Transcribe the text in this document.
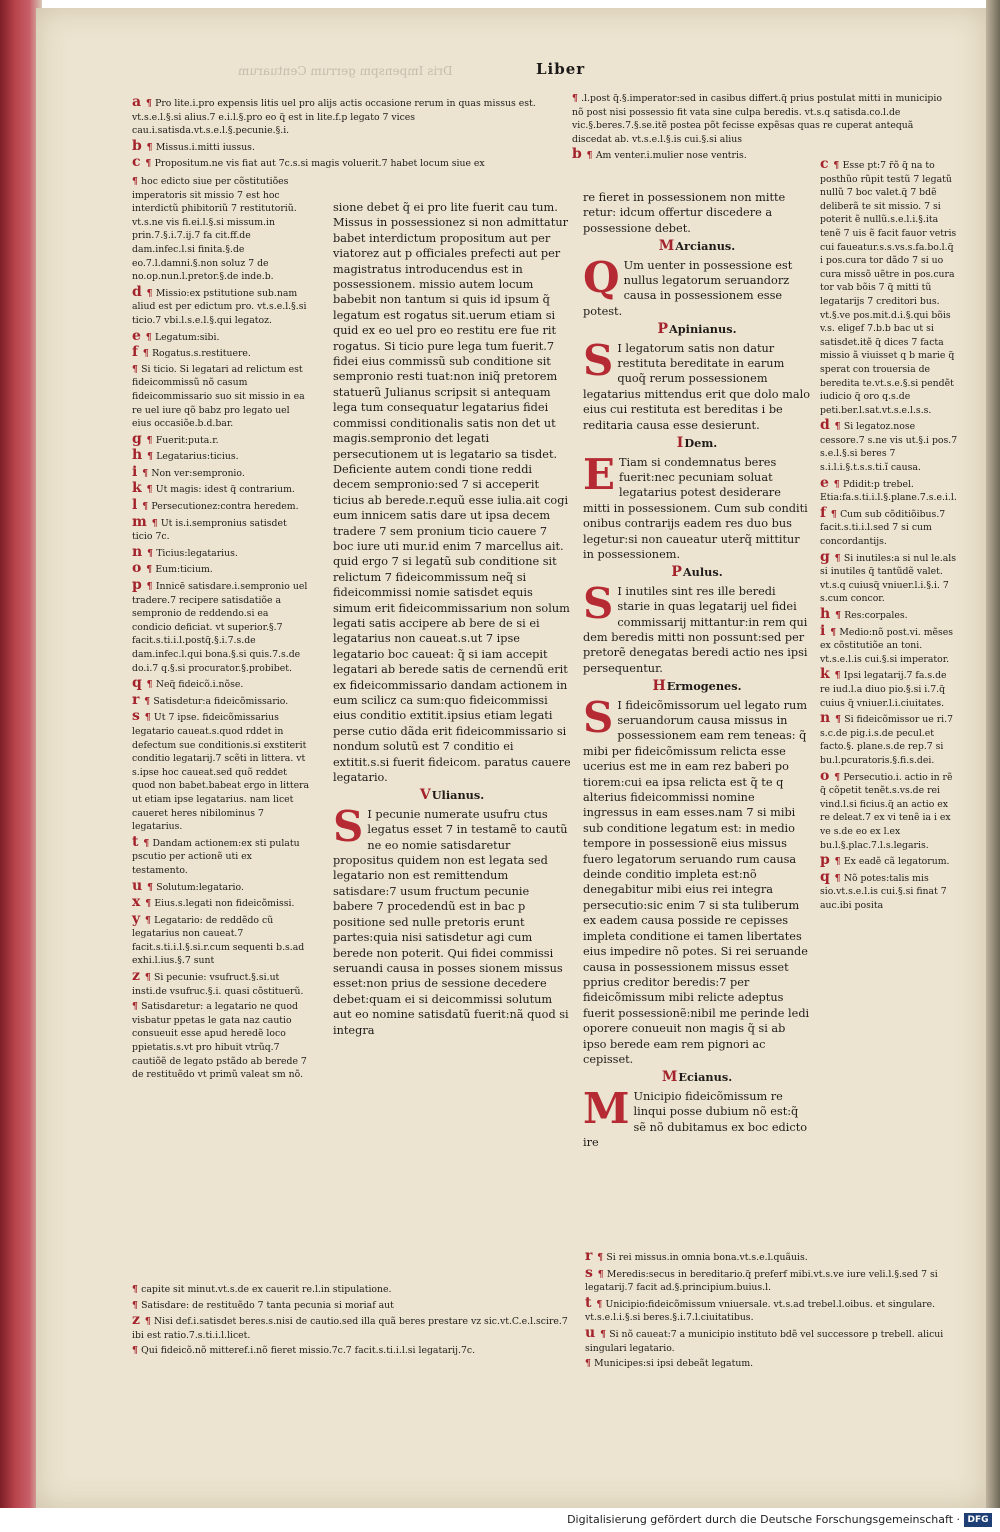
Dris Impenspm gerrum Centuarum	Liber

a ¶ Pro lite.i.pro expensis litis uel pro alijs actis occasione rerum in quas missus est. vt.s.e.l.§.si alius.7 e.i.l.§.pro eo q̃ est in lite.f.p legato 7 vices cau.i.satisda.vt.s.e.l.§.pecunie.§.i.

b ¶ Missus.i.mitti iussus.

c ¶ Propositum.ne vis fiat aut 7c.s.si magis voluerit.7 habet locum siue ex

¶ hoc edicto siue per cõstitutiões imperatoris sit missio 7 est hoc interdictũ phibitoriũ 7 restitutoriũ. vt.s.ne vis fi.ei.l.§.si missum.in prin.7.§.i.7.ij.7 fa cit.ff.de dam.infec.l.si finita.§.de eo.7.l.damni.§.non soluz 7 de no.op.nun.l.pretor.§.de inde.b.

d ¶ Missio:ex pstitutione sub.nam aliud est per edictum pro. vt.s.e.l.§.si ticio.7 vbi.l.s.e.l.§.qui legatoz.

e ¶ Legatum:sibi.

f ¶ Rogatus.s.restituere.

¶ Si ticio. Si legatari ad relictum est fideicommissũ nõ casum fideicommissario suo sit missio in ea re uel iure qõ babz pro legato uel eius occasiõe.b.d.bar.

g ¶ Fuerit:puta.r.

h ¶ Legatarius:ticius.

i ¶ Non ver:sempronio.

k ¶ Ut magis: idest q̃ contrarium.

l ¶ Persecutionez:contra heredem.

m ¶ Ut is.i.sempronius satisdet ticio 7c.

n ¶ Ticius:legatarius.

o ¶ Eum:ticium.

p ¶ Innicē satisdare.i.sempronio uel tradere.7 recipere satisdatiõe a sempronio de reddendo.si ea condicio deficiat. vt superior.§.7 facit.s.ti.i.l.postq̃.§.i.7.s.de dam.infec.l.qui bona.§.si quis.7.s.de do.i.7 q.§.si procurator.§.probibet.

q ¶ Neq̃ fideicõ.i.nõse.

r ¶ Satisdetur:a fideicõmissario.

s ¶ Ut 7 ipse. fideicõmissarius legatario caueat.s.quod rddet in defectum sue conditionis.si exstiterit conditio legatarij.7 scẽti in littera. vt s.ipse hoc caueat.sed quõ reddet quod non babet.babeat ergo in littera ut etiam ipse legatarius. nam licet caueret heres nibilominus 7 legatarius.

t ¶ Dandam actionem:ex sti pulatu pscutio per actionẽ uti ex testamento.

u ¶ Solutum:legatario.

x ¶ Eius.s.legati non fideicõmissi.

y ¶ Legatario: de reddẽdo cũ legatarius non caueat.7 facit.s.ti.i.l.§.si.r.cum sequenti b.s.ad exhi.l.ius.§.7 sunt

z ¶ Si pecunie: vsufruct.§.si.ut insti.de vsufruc.§.i. quasi cõstituerũ.

¶ Satisdaretur: a legatario ne quod visbatur ppetas le gata naz cautio consueuit esse apud heredẽ loco ppietatis.s.vt pro hibuit vtrũq.7 cautiõẽ de legato pstãdo ab berede 7 de restituẽdo vt primũ valeat sm nõ.

sione debet q̃ ei pro lite fuerit cau tum. Missus in possessionez si non admittatur babet interdictum propositum aut per viatorez aut p officiales prefecti aut per magistratus introducendus est in possessionem. missio autem locum babebit non tantum si quis id ipsum q̃ legatum est rogatus sit.uerum etiam si quid ex eo uel pro eo restitu ere fue rit rogatus. Si ticio pure lega tum fuerit.7 fidei eius commissũ sub conditione sit sempronio resti tuat:non iniq̃ pretorem statuerũ Julianus scripsit si antequam lega tum consequatur legatarius fidei commissi conditionalis satis non det ut magis.sempronio det legati persecutionem ut is legatario sa tisdet. Deficiente autem condi tione reddi decem sempronio:sed 7 si acceperit ticius ab berede.r.equũ esse iulia.ait cogi eum innicem satis dare ut ipsa decem tradere 7 sem pronium ticio cauere 7 boc iure uti mur.id enim 7 marcellus ait. quid ergo 7 si legatũ sub conditione sit relictum 7 fideicommissum neq̃ si fideicommissi nomie satisdet equis simum erit fideicommissarium non solum legati satis accipere ab bere de si ei legatarius non caueat.s.ut 7 ipse legatario boc caueat: q̃ si iam accepit legatari ab berede satis de cernendũ erit ex fideicommissario dandam actionem in eum scilicz ca sum:quo fideicommissi eius conditio extitit.ipsius etiam legati perse cutio dãda erit fideicommissario si nondum solutũ est 7 conditio ei extitit.s.si fuerit fideicom. paratus cauere legatario.

VUlianus.

S I pecunie numerate usufru ctus legatus esset 7 in testamẽ to cautũ ne eo nomie satisdaretur propositus quidem non est legata sed legatario non est remittendum satisdare:7 usum fructum pecunie babere 7 procedendũ est in bac p positione sed nulle pretoris erunt partes:quia nisi satisdetur agi cum berede non poterit. Qui fidei commissi seruandi causa in posses sionem missus esset:non prius de sessione decedere debet:quam ei si deicommissi solutum aut eo nomine satisdatũ fuerit:nã quod si integra

¶ .l.post q̃.§.imperator:sed in casibus differt.q̃ prius postulat mitti in municipio nõ post nisi possessio fit vata sine culpa beredis. vt.s.q satisda.co.l.de vic.§.beres.7.§.se.itẽ postea põt fecisse expẽsas quas re cuperat antequã discedat ab. vt.s.e.l.§.is cui.§.si alius

b ¶ Am venter.i.mulier nose ventris.

re fieret in possessionem non mitte retur: idcum offertur discedere a possessione debet.

MArcianus.

Q Um uenter in possessione est nullus legatorum seruandorz causa in possessionem esse potest.

PApinianus.

S I legatorum satis non datur restituta bereditate in earum quoq̃ rerum possessionem legatarius mittendus erit que dolo malo eius cui restituta est bereditas i be reditaria causa esse desierunt.

IDem.

E Tiam si condemnatus beres fuerit:nec pecuniam soluat legatarius potest desiderare mitti in possessionem. Cum sub conditi onibus contrarijs eadem res duo bus legetur:si non caueatur uterq̃ mittitur in possessionem.

PAulus.

S I inutiles sint res ille beredi starie in quas legatarij uel fidei commissarij mittantur:in rem qui dem beredis mitti non possunt:sed per pretorẽ denegatas beredi actio nes ipsi persequentur.

HErmogenes.

S I fideicõmissorum uel legato rum seruandorum causa missus in possessionem eam rem teneas: q̃ mibi per fideicõmissum relicta esse ucerius est me in eam rez baberi po tiorem:cui ea ipsa relicta est q̃ te q alterius fideicommissi nomine ingressus in eam esses.nam 7 si mibi sub conditione legatum est: in medio tempore in possessionẽ eius missus fuero legatorum seruando rum causa deinde conditio impleta est:nõ denegabitur mibi eius rei integra persecutio:sic enim 7 si sta tuliberum ex eadem causa posside re cepisses impleta conditione ei tamen libertates eius impedire nõ potes. Si rei seruande causa in possessionem missus esset pprius creditor beredis:7 per fideicõmissum mibi relicte adeptus fuerit possessionẽ:nibil me perinde ledi oporere conueuit non magis q̃ si ab ipso berede eam rem pignori ac cepisset.

MEcianus.

M Unicipio fideicõmissum re linqui posse dubium nõ est:q̃ sẽ nõ dubitamus ex boc edicto ire

c ¶ Esse pt:7 r̃õ q̃ na to posthũo rũpit testũ 7 legatũ nullũ 7 boc valet.q̃ 7 bdẽ deliberã te sit missio. 7 si poterit ẽ nullũ.s.e.l.i.§.ita tenẽ 7 uis ẽ facit fauor vetris cui faueatur.s.s.vs.s.fa.bo.l.q̃ i pos.cura tor dãdo 7 si uo cura missõ uẽtre in pos.cura tor vab bõis 7 q̃ mitti tũ legatarijs 7 creditori bus. vt.§.ve pos.mit.d.i.§.qui bõis v.s. eligef 7.b.b bac ut si satisdet.itẽ q̃ dices 7 facta missio ã viuisset q b marie q̃ sperat con trouersia de beredita te.vt.s.e.§.si pendẽt iudicio q̃ oro q.s.de peti.ber.l.sat.vt.s.e.l.s.s.

d ¶ Si legatoz.nose cessore.7 s.ne vis ut.§.i pos.7 s.e.l.§.si beres 7 s.i.l.i.§.t.s.s.ti.ĩ causa.

e ¶ Pdidit:p trebel. Etia:fa.s.ti.i.l.§.plane.7.s.e.i.l.

f ¶ Cum sub cõditiõibus.7 facit.s.ti.i.l.sed 7 si cum concordantijs.

g ¶ Si inutiles:a si nul le.als si inutiles q̃ tantũdẽ valet. vt.s.q cuiusq̃ vniuer.l.i.§.i. 7 s.cum concor.

h ¶ Res:corpales.

i ¶ Medio:nõ post.vi. mẽses ex cõstitutiõe an toni. vt.s.e.l.is cui.§.si imperator.

k ¶ Ipsi legatarij.7 fa.s.de re iud.l.a diuo pio.§.si i.7.q̃ cuius q̃ vniuer.l.i.ciuitates.

n ¶ Si fideicõmissor ue ri.7 s.c.de pig.i.s.de pecul.et facto.§. plane.s.de rep.7 si bu.l.pcuratoris.§.fi.s.dei.

o ¶ Persecutio.i. actio in rẽ q̃ cõpetit tenẽt.s.vs.de rei vind.l.si ficius.q̃ an actio ex re deleat.7 ex vi tenẽ ia i ex ve s.de eo ex l.ex bu.l.§.plac.7.l.s.legaris.

p ¶ Ex eadẽ cã legatorum.

q ¶ Nõ potes:talis mis sio.vt.s.e.l.is cui.§.si finat 7 auc.ibi posita

¶ capite sit minut.vt.s.de ex cauerit re.l.in stipulatione.

¶ Satisdare: de restituẽdo 7 tanta pecunia si moriaf aut

z ¶ Nisi def.i.satisdet beres.s.nisi de cautio.sed illa quã beres prestare vz sic.vt.C.e.l.scire.7 ibi est ratio.7.s.ti.i.l.licet.

¶ Qui fideicõ.nõ mitteref.i.nõ fieret missio.7c.7 facit.s.ti.i.l.si legatarij.7c.

r ¶ Si rei missus.in omnia bona.vt.s.e.l.quãuis.

s ¶ Meredis:secus in bereditario.q̃ preferf mibi.vt.s.ve iure veli.l.§.sed 7 si legatarij.7 facit ad.§.principium.buius.l.

t ¶ Unicipio:fideicõmissum vniuersale. vt.s.ad trebel.l.oibus. et singulare. vt.s.e.l.i.§.si beres.§.i.7.l.ciuitatibus.

u ¶ Si nõ caueat:7 a municipio instituto bdẽ vel successore p trebell. alicui singulari legatario.

¶ Municipes:si ipsi debeãt legatum.

Digitalisierung gefördert durch die Deutsche Forschungsgemeinschaft · DFG
